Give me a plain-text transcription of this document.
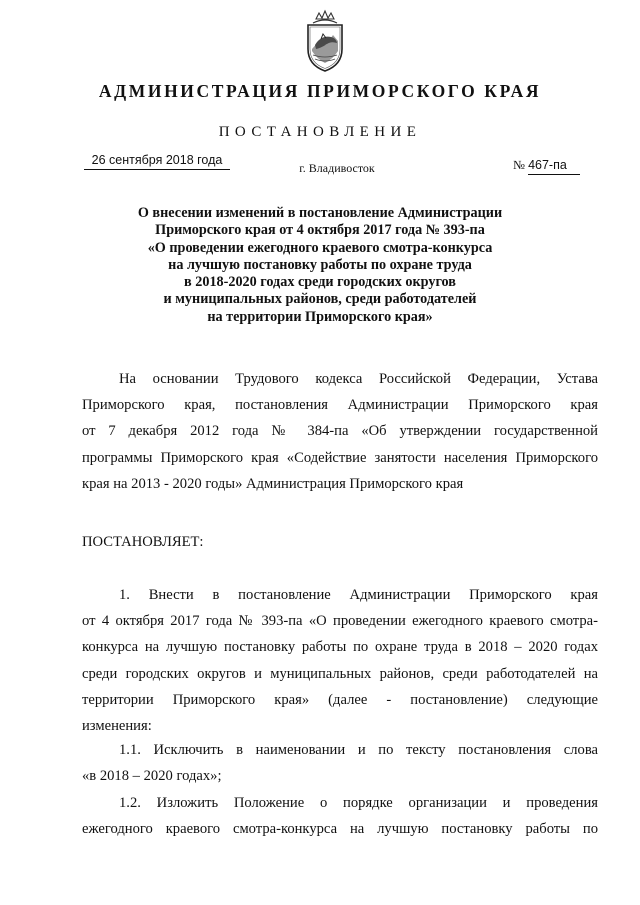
АДМИНИСТРАЦИЯ ПРИМОРСКОГО КРАЯ
ПОСТАНОВЛЕНИЕ
26 сентября 2018 года
г. Владивосток	№ 467-па
О внесении изменений в постановление Администрации
Приморского края от 4 октября 2017 года № 393-па
«О проведении ежегодного краевого смотра-конкурса
на лучшую постановку работы по охране труда
в 2018-2020 годах среди городских округов
и муниципальных районов, среди работодателей
на территории Приморского края»
На основании Трудового кодекса Российской Федерации, Устава
Приморского края, постановления Администрации Приморского края
от 7 декабря 2012 года № 384-па «Об утверждении государственной
программы Приморского края «Содействие занятости населения Приморского
края на 2013 - 2020 годы» Администрация Приморского края
ПОСТАНОВЛЯЕТ:
1. Внести в постановление Администрации Приморского края
от 4 октября 2017 года № 393-па «О проведении ежегодного краевого смотра-
конкурса на лучшую постановку работы по охране труда в 2018 – 2020 годах
среди городских округов и муниципальных районов, среди работодателей на
территории Приморского края» (далее - постановление) следующие
изменения:
1.1. Исключить в наименовании и по тексту постановления слова
«в 2018 – 2020 годах»;
1.2. Изложить Положение о порядке организации и проведения
ежегодного краевого смотра-конкурса на лучшую постановку работы по
